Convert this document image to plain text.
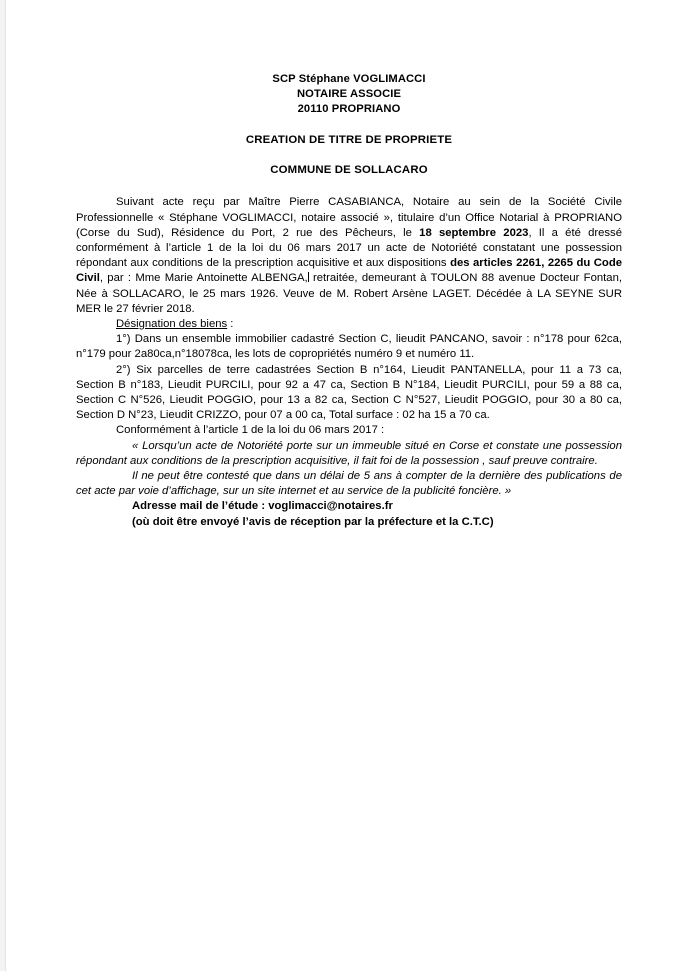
SCP Stéphane VOGLIMACCI
NOTAIRE ASSOCIE
20110 PROPRIANO
CREATION DE TITRE DE PROPRIETE
COMMUNE DE SOLLACARO

Suivant acte reçu par Maître Pierre CASABIANCA, Notaire au sein de la Société Civile Professionnelle « Stéphane VOGLIMACCI, notaire associé », titulaire d’un Office Notarial à PROPRIANO (Corse du Sud), Résidence du Port, 2 rue des Pêcheurs, le 18 septembre 2023, Il a été dressé conformément à l’article 1 de la loi du 06 mars 2017 un acte de Notoriété constatant une possession répondant aux conditions de la prescription acquisitive et aux dispositions des articles 2261, 2265 du Code Civil, par : Mme Marie Antoinette ALBENGA, retraitée, demeurant à TOULON 88 avenue Docteur Fontan, Née à SOLLACARO, le 25 mars 1926. Veuve de M. Robert Arsène LAGET. Décédée à LA SEYNE SUR MER le 27 février 2018.

Désignation des biens :

1°) Dans un ensemble immobilier cadastré Section C, lieudit PANCANO, savoir : n°178 pour 62ca, n°179 pour 2a80ca,n°18078ca, les lots de copropriétés numéro 9 et numéro 11.

2°) Six parcelles de terre cadastrées Section B n°164, Lieudit PANTANELLA, pour 11 a 73 ca, Section B n°183, Lieudit PURCILI, pour 92 a 47 ca, Section B N°184, Lieudit PURCILI, pour 59 a 88 ca, Section C N°526, Lieudit POGGIO, pour 13 a 82 ca, Section C N°527, Lieudit POGGIO, pour 30 a 80 ca, Section D N°23, Lieudit CRIZZO, pour 07 a 00 ca, Total surface : 02 ha 15 a 70 ca.

Conformément à l’article 1 de la loi du 06 mars 2017 :

« Lorsqu’un acte de Notoriété porte sur un immeuble situé en Corse et constate une possession répondant aux conditions de la prescription acquisitive, il fait foi de la possession , sauf preuve contraire.

Il ne peut être contesté que dans un délai de 5 ans à compter de la dernière des publications de cet acte par voie d’affichage, sur un site internet et au service de la publicité foncière. »

Adresse mail de l’étude : voglimacci@notaires.fr

(où doit être envoyé l’avis de réception par la préfecture et la C.T.C)
